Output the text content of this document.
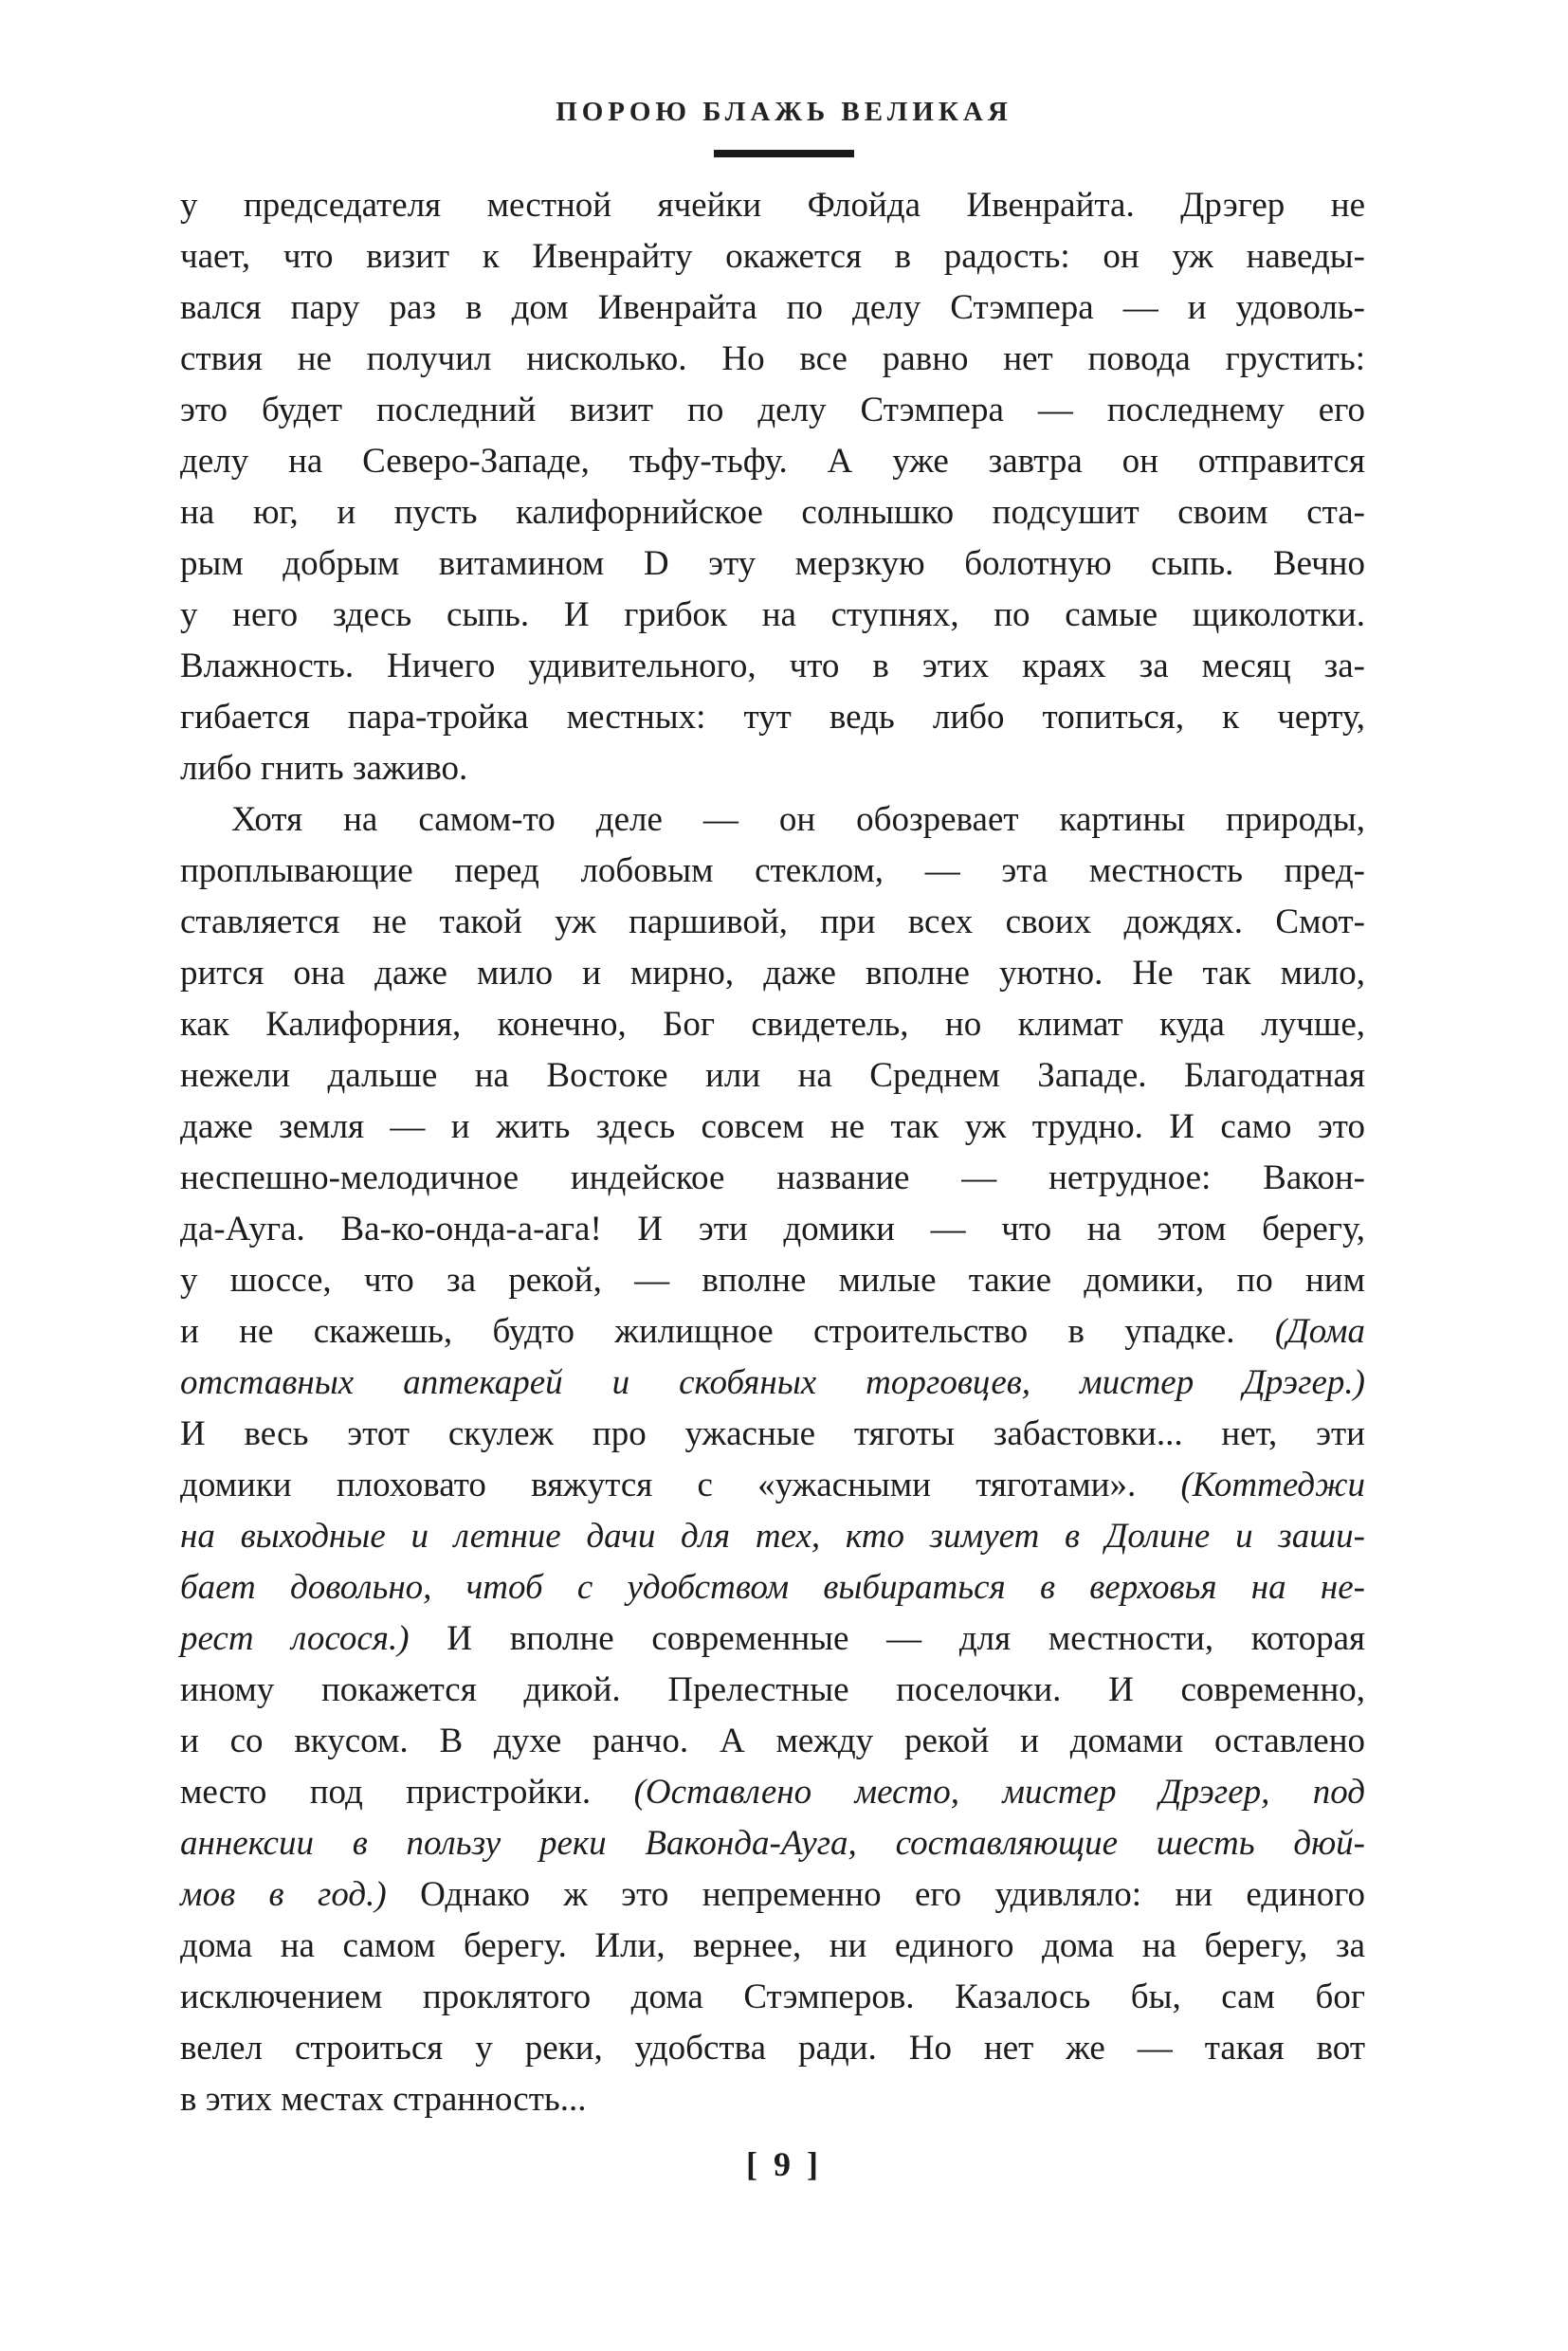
ПОРОЮ БЛАЖЬ ВЕЛИКАЯ
у председателя местной ячейки Флойда Ивенрайта. Дрэгер не
чает, что визит к Ивенрайту окажется в радость: он уж наведы-
вался пару раз в дом Ивенрайта по делу Стэмпера — и удоволь-
ствия не получил нисколько. Но все равно нет повода грустить:
это будет последний визит по делу Стэмпера — последнему его
делу на Северо-Западе, тьфу-тьфу. А уже завтра он отправится
на юг, и пусть калифорнийское солнышко подсушит своим ста-
рым добрым витамином D эту мерзкую болотную сыпь. Вечно
у него здесь сыпь. И грибок на ступнях, по самые щиколотки.
Влажность. Ничего удивительного, что в этих краях за месяц за-
гибается пара-тройка местных: тут ведь либо топиться, к черту,
либо гнить заживо.
Хотя на самом-то деле — он обозревает картины природы,
проплывающие перед лобовым стеклом, — эта местность пред-
ставляется не такой уж паршивой, при всех своих дождях. Смот-
рится она даже мило и мирно, даже вполне уютно. Не так мило,
как Калифорния, конечно, Бог свидетель, но климат куда лучше,
нежели дальше на Востоке или на Среднем Западе. Благодатная
даже земля — и жить здесь совсем не так уж трудно. И само это
неспешно-мелодичное индейское название — нетрудное: Вакон-
да-Ауга. Ва-ко-онда-а-ага! И эти домики — что на этом берегу,
у шоссе, что за рекой, — вполне милые такие домики, по ним
и не скажешь, будто жилищное строительство в упадке. (Дома
отставных аптекарей и скобяных торговцев, мистер Дрэгер.)
И весь этот скулеж про ужасные тяготы забастовки... нет, эти
домики плоховато вяжутся с «ужасными тяготами». (Коттеджи
на выходные и летние дачи для тех, кто зимует в Долине и заши-
бает довольно, чтоб с удобством выбираться в верховья на не-
рест лосося.) И вполне современные — для местности, которая
иному покажется дикой. Прелестные поселочки. И современно,
и со вкусом. В духе ранчо. А между рекой и домами оставлено
место под пристройки. (Оставлено место, мистер Дрэгер, под
аннексии в пользу реки Ваконда-Ауга, составляющие шесть дюй-
мов в год.) Однако ж это непременно его удивляло: ни единого
дома на самом берегу. Или, вернее, ни единого дома на берегу, за
исключением проклятого дома Стэмперов. Казалось бы, сам бог
велел строиться у реки, удобства ради. Но нет же — такая вот
в этих местах странность...
[ 9 ]
